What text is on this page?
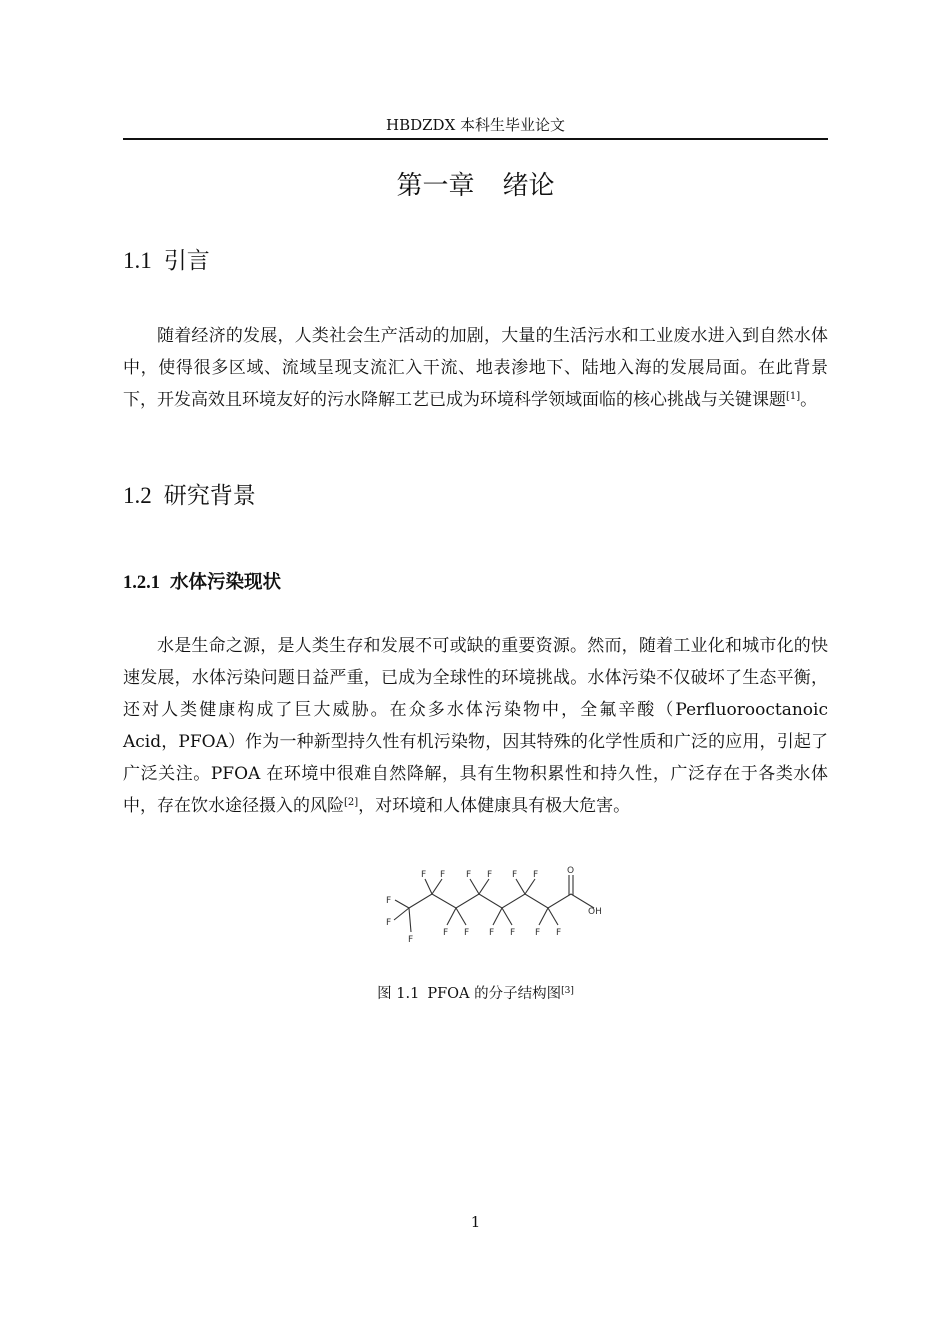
HBDZDX 本科生毕业论文
第一章 绪论
1.1 引言
随着经济的发展，人类社会生产活动的加剧，大量的生活污水和工业废水进入到自然水体中，使得很多区域、流域呈现支流汇入干流、地表渗地下、陆地入海的发展局面。在此背景下，开发高效且环境友好的污水降解工艺已成为环境科学领域面临的核心挑战与关键课题[1]。
1.2 研究背景
1.2.1 水体污染现状
水是生命之源，是人类生存和发展不可或缺的重要资源。然而，随着工业化和城市化的快速发展，水体污染问题日益严重，已成为全球性的环境挑战。水体污染不仅破坏了生态平衡，还对人类健康构成了巨大威胁。在众多水体污染物中，全氟辛酸（Perfluorooctanoic Acid，PFOA）作为一种新型持久性有机污染物，因其特殊的化学性质和广泛的应用，引起了广泛关注。PFOA 在环境中很难自然降解，具有生物积累性和持久性，广泛存在于各类水体中，存在饮水途径摄入的风险[2]，对环境和人体健康具有极大危害。
F
F
F
F F
F F
F F
F F
F F
F F
O
OH
图 1.1 PFOA 的分子结构图[3]
1
